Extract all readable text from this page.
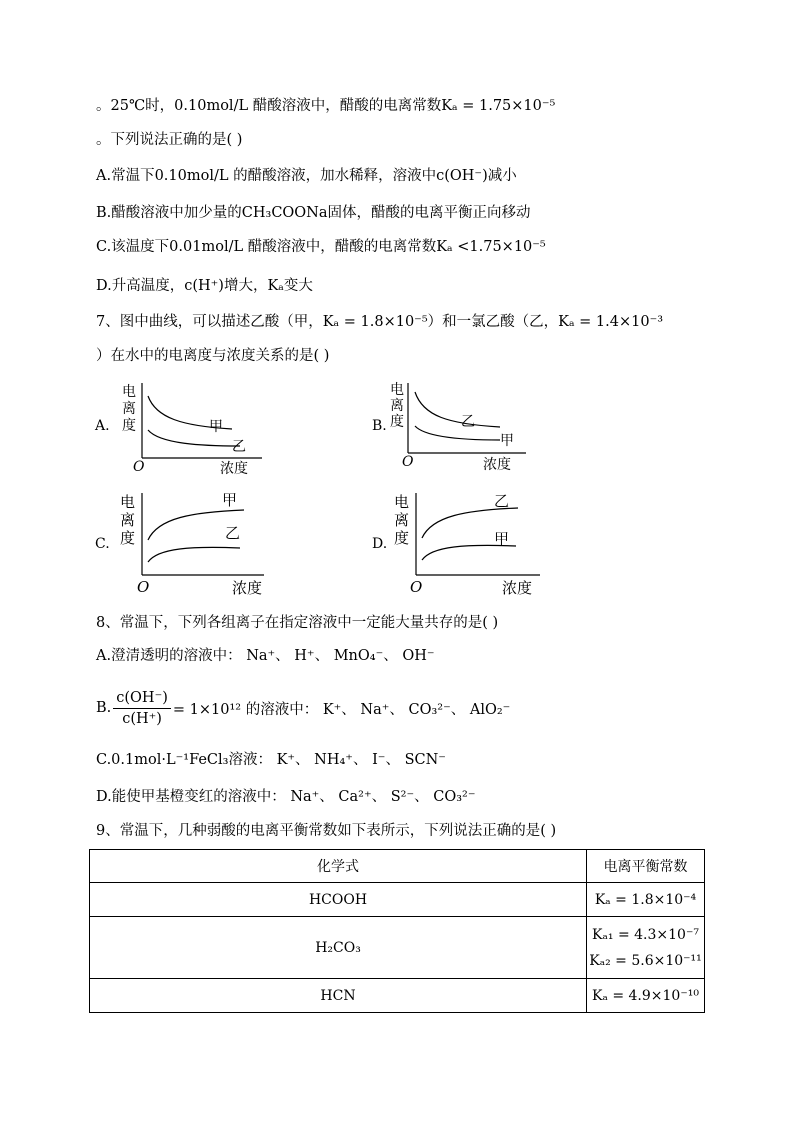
。25℃时，0.10mol/L 醋酸溶液中，醋酸的电离常数Kₐ = 1.75×10⁻⁵
。下列说法正确的是( )
A.常温下0.10mol/L 的醋酸溶液，加水稀释，溶液中c(OH⁻)减小
B.醋酸溶液中加少量的CH₃COONa固体，醋酸的电离平衡正向移动
C.该温度下0.01mol/L 醋酸溶液中，醋酸的电离常数Kₐ <1.75×10⁻⁵
D.升高温度，c(H⁺)增大，Kₐ变大
7、图中曲线，可以描述乙酸（甲，Kₐ = 1.8×10⁻⁵）和一氯乙酸（乙，Kₐ = 1.4×10⁻³
）在水中的电离度与浓度关系的是( )
A.
电
离
度
O	浓度
甲
乙
B.
电
离
度
O	浓度
乙
甲
C.
电
离
度
O	浓度
甲
乙
D.
电
离
度
O	浓度
乙
甲
8、常温下，下列各组离子在指定溶液中一定能大量共存的是( )
A.澄清透明的溶液中： Na⁺、 H⁺、 MnO₄⁻、 OH⁻
B. $\frac{c(OH^-)}{c(H^+)} = 1\times 10^{12}$ 的溶液中： K⁺、 Na⁺、 CO₃²⁻、 AlO₂⁻
C.0.1mol·L⁻¹FeCl₃溶液： K⁺、 NH₄⁺、 I⁻、 SCN⁻
D.能使甲基橙变红的溶液中： Na⁺、 Ca²⁺、 S²⁻、 CO₃²⁻
9、常温下，几种弱酸的电离平衡常数如下表所示，下列说法正确的是( )
化学式	电离平衡常数
HCOOH	Kₐ = 1.8×10⁻⁴
H₂CO₃	Kₐ₁ = 4.3×10⁻⁷
Kₐ₂ = 5.6×10⁻¹¹

HCN	Kₐ = 4.9×10⁻¹⁰
